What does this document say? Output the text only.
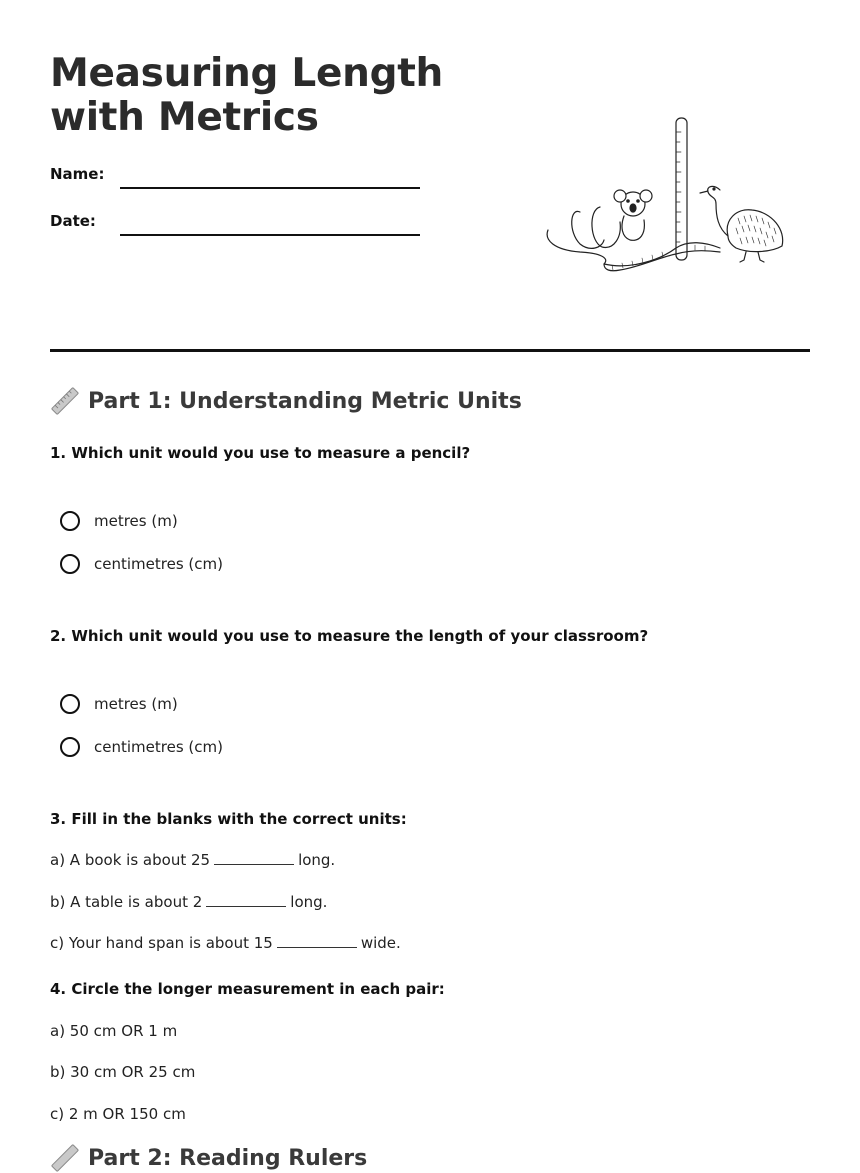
Measuring Length with Metrics
Name:
Date:
Part 1: Understanding Metric Units
1. Which unit would you use to measure a pencil?
metres (m)
centimetres (cm)
2. Which unit would you use to measure the length of your classroom?
metres (m)
centimetres (cm)
3. Fill in the blanks with the correct units:
a) A book is about 25	long.
b) A table is about 2	long.
c) Your hand span is about 15	wide.
4. Circle the longer measurement in each pair:
a) 50 cm OR 1 m
b) 30 cm OR 25 cm
c) 2 m OR 150 cm
Part 2: Reading Rulers
